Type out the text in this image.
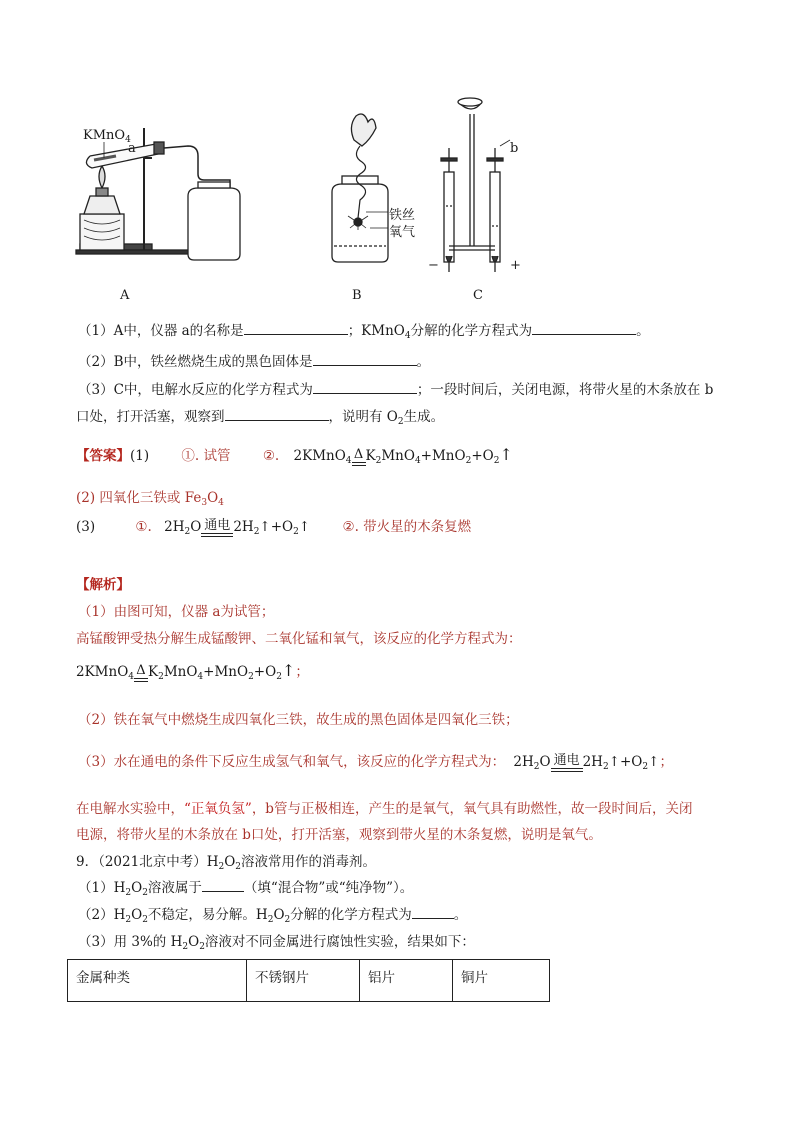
KMnO$_4$
a
铁丝
氧气
b
−	+
A	B	C
（1）A中，仪器 a的名称是	；KMnO$_4$分解的化学方程式为	。
（2）B中，铁丝燃烧生成的黑色固体是	。
（3）C中，电解水反应的化学方程式为	；一段时间后，关闭电源，将带火星的木条放在 b
口处，打开活塞，观察到	，说明有 $O_2$生成。
【答案】(1) ①. 试管 ②. 2KMnO$_4$ Δ $K_2MnO_4+MnO_2+O_2↑$
(2) 四氧化三铁或 $Fe_3O_4$
(3)	①. $2H_2O$ 通电 $2H_2↑+O_2↑$ ②. 带火星的木条复燃
【解析】
（1）由图可知，仪器 a为试管；
高锰酸钾受热分解生成锰酸钾、二氧化锰和氧气，该反应的化学方程式为：
2KMnO$_4$ Δ $K_2MnO_4+MnO_2+O_2↑$；
（2）铁在氧气中燃烧生成四氧化三铁，故生成的黑色固体是四氧化三铁；
（3）水在通电的条件下反应生成氢气和氧气，该反应的化学方程式为： $2H_2O$ 通电 $2H_2↑+O_2↑$；
在电解水实验中，“正氧负氢”，b管与正极相连，产生的是氧气，氧气具有助燃性，故一段时间后，关闭
电源，将带火星的木条放在 b口处，打开活塞，观察到带火星的木条复燃，说明是氧气。
9．（2021北京中考）$H_2O_2$溶液常用作的消毒剂。
$(1)H_2O_2$溶液属于	（填“混合物”或“纯净物”）。
$(2)H_2O_2$不稳定，易分解。$H_2O_2$分解的化学方程式为	。
（3）用 3%的 $H_2O_2$溶液对不同金属进行腐蚀性实验，结果如下：
金属种类	不锈钢片	铝片	铜片
